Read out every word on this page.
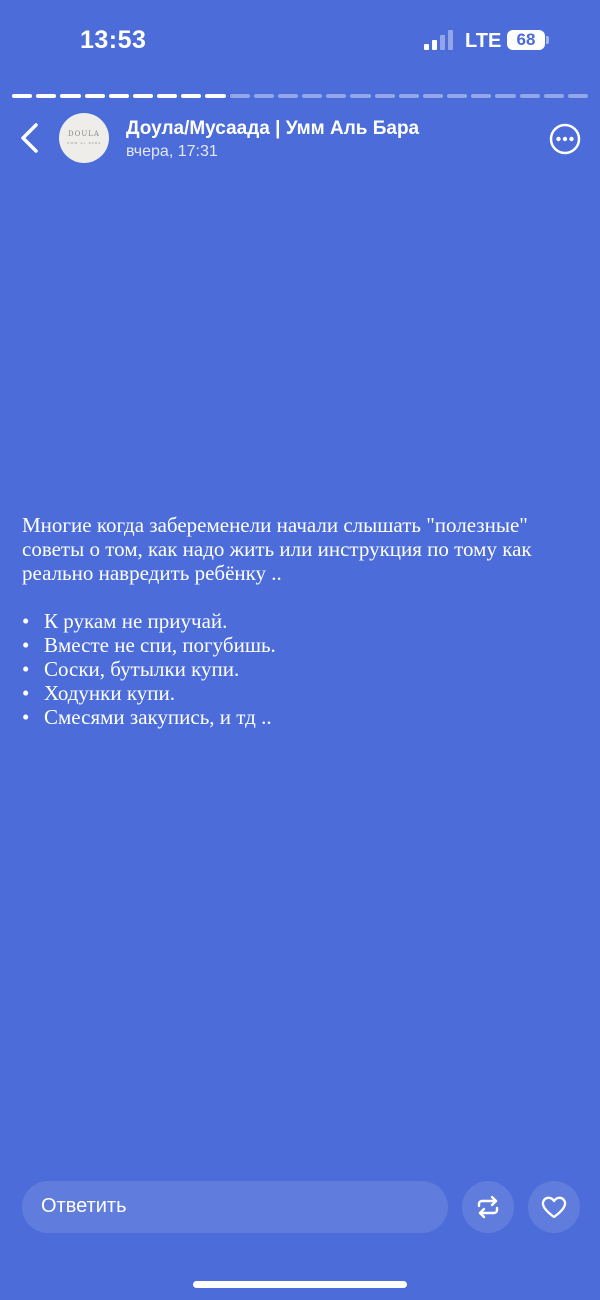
13:53	LTE 68
DOULA
UMM AL BARA
Доула/Мусаада | Умм Аль Бара
вчера, 17:31

Многие когда забеременели начали слышать "полезные" советы о том, как надо жить или инструкция по тому как реально навредить ребёнку ..

• К рукам не приучай.
• Вместе не спи, погубишь.
• Соски, бутылки купи.
• Ходунки купи.
• Смесями закупись, и тд ..
Ответить
